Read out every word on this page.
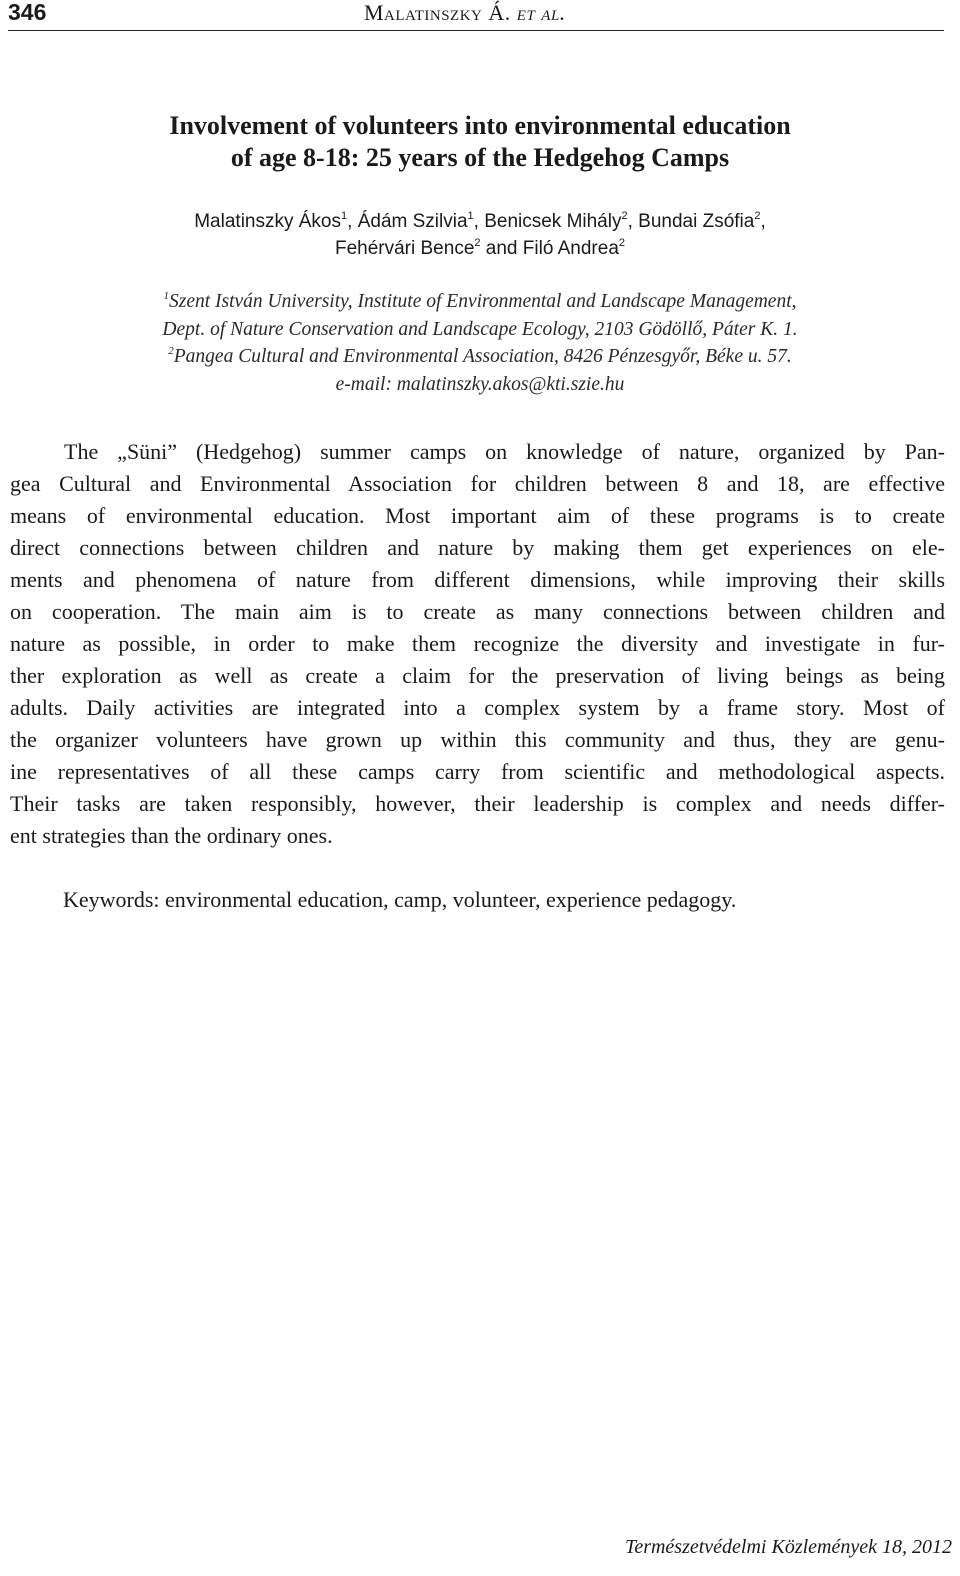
346	Malatinszky Á. et al.
Involvement of volunteers into environmental education
of age 8-18: 25 years of the Hedgehog Camps
Malatinszky Ákos$^1$, Ádám Szilvia$^1$, Benicsek Mihály$^2$, Bundai Zsófia$^2$,
Fehérvári Bence$^2$ and Filó Andrea$^2$
$^1$Szent István University, Institute of Environmental and Landscape Management,
Dept. of Nature Conservation and Landscape Ecology, 2103 Gödöllő, Páter K. 1.
$^2$Pangea Cultural and Environmental Association, 8426 Pénzesgyőr, Béke u. 57.
e-mail: malatinszky.akos@kti.szie.hu
The „Süni” (Hedgehog) summer camps on knowledge of nature, organized by Pan-
gea Cultural and Environmental Association for children between 8 and 18, are effective
means of environmental education. Most important aim of these programs is to create
direct connections between children and nature by making them get experiences on ele-
ments and phenomena of nature from different dimensions, while improving their skills
on cooperation. The main aim is to create as many connections between children and
nature as possible, in order to make them recognize the diversity and investigate in fur-
ther exploration as well as create a claim for the preservation of living beings as being
adults. Daily activities are integrated into a complex system by a frame story. Most of
the organizer volunteers have grown up within this community and thus, they are genu-
ine representatives of all these camps carry from scientific and methodological aspects.
Their tasks are taken responsibly, however, their leadership is complex and needs differ-
ent strategies than the ordinary ones.
Keywords: environmental education, camp, volunteer, experience pedagogy.
Természetvédelmi Közlemények 18, 2012
